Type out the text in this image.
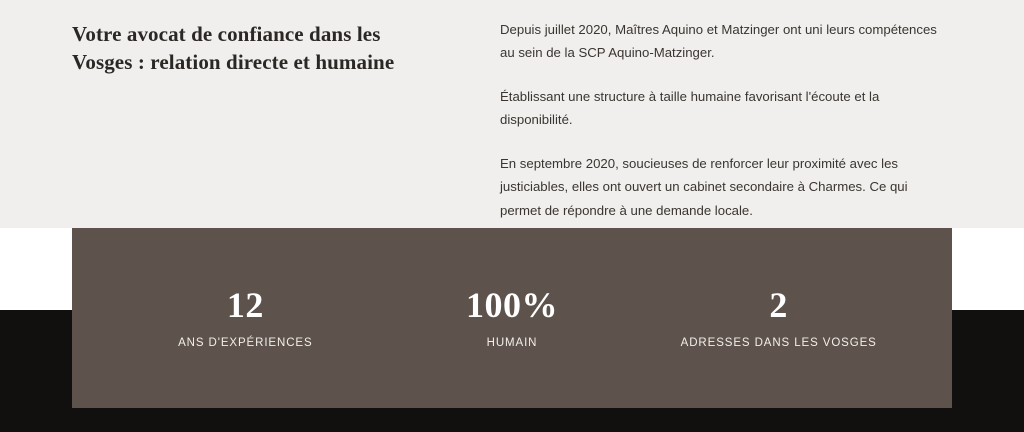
Votre avocat de confiance dans les Vosges : relation directe et humaine

Depuis juillet 2020, Maîtres Aquino et Matzinger ont uni leurs compétences au sein de la SCP Aquino-Matzinger.

Établissant une structure à taille humaine favorisant l'écoute et la disponibilité.

En septembre 2020, soucieuses de renforcer leur proximité avec les justiciables, elles ont ouvert un cabinet secondaire à Charmes. Ce qui permet de répondre à une demande locale.

12
ANS D'EXPÉRIENCES
100%
HUMAIN
2
ADRESSES DANS LES VOSGES
